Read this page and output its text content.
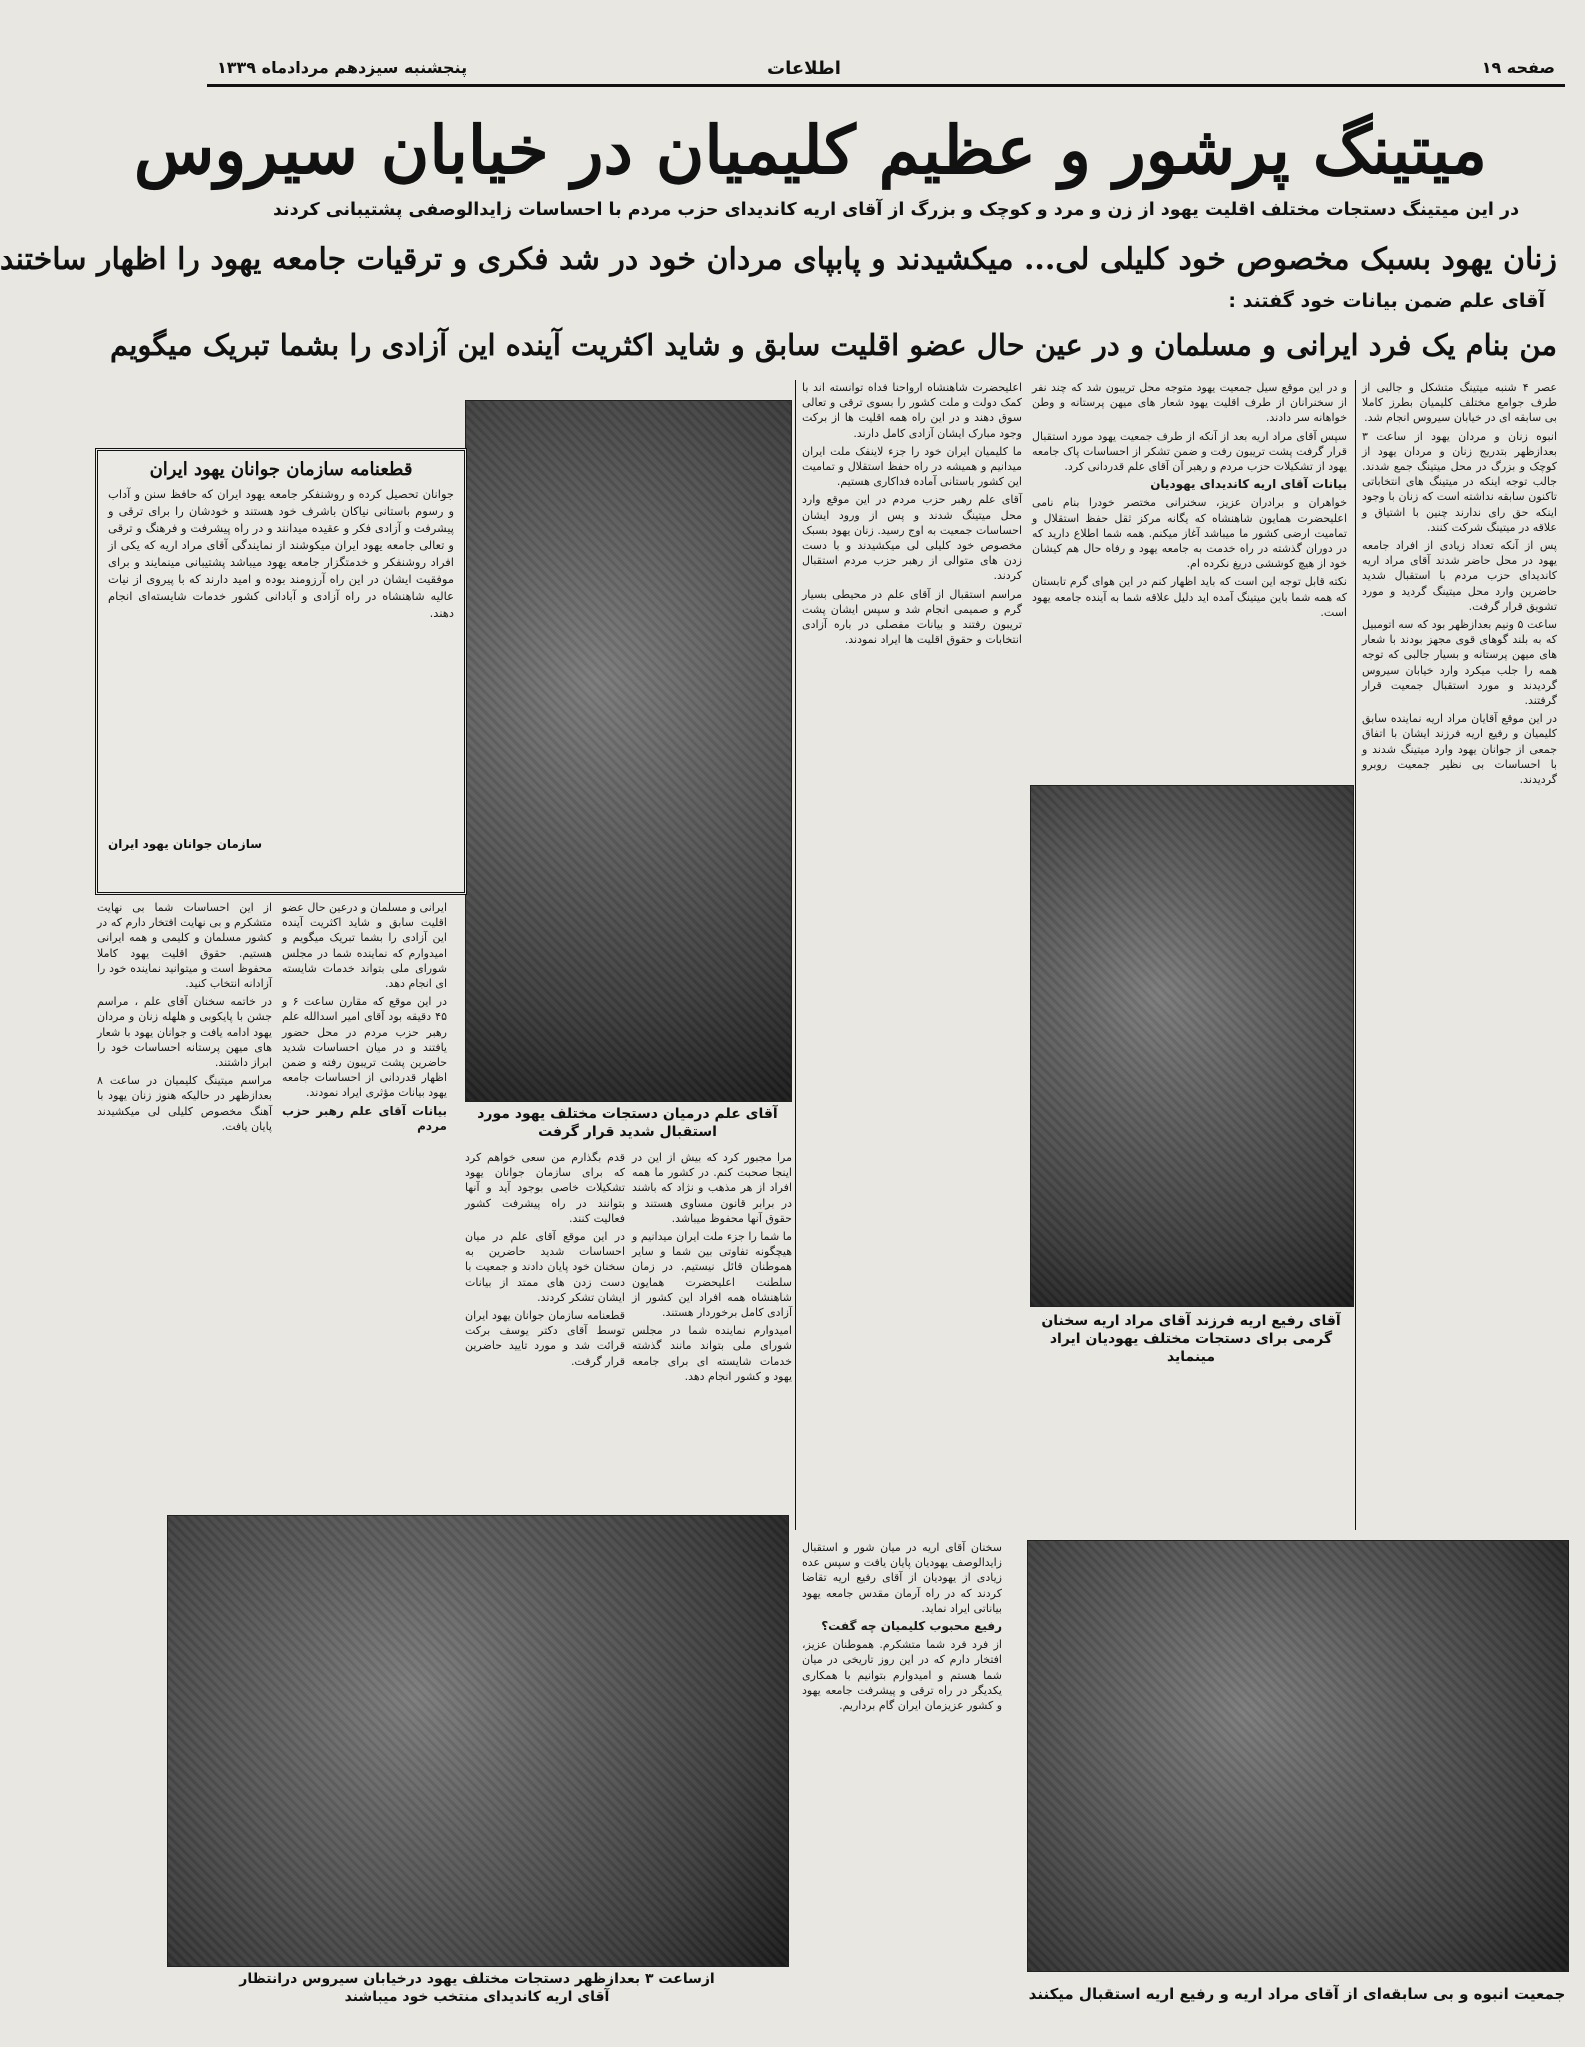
صفحه ۱۹
اطلاعات
پنجشنبه سیزدهم مردادماه ۱۳۳۹
میتینگ پرشور و عظیم کلیمیان در خیابان سیروس
در این میتینگ دستجات مختلف اقلیت یهود از زن و مرد و کوچک و بزرگ از آقای اریه کاندیدای حزب مردم با احساسات زایدالوصفی پشتیبانی کردند
زنان یهود بسبک مخصوص خود کلیلی لی... میکشیدند و پابپای مردان خود در شد فکری و ترقیات جامعه یهود را اظهار ساختند
آقای علم ضمن بیانات خود گفتند :
من بنام یک فرد ایرانی و مسلمان و در عین حال عضو اقلیت سابق و شاید اکثریت آینده این آزادی را بشما تبریک میگویم

عصر ۴ شنبه میتینگ متشکل و جالبی از طرف جوامع مختلف کلیمیان بطرز کاملا بی سابقه ای در خیابان سیروس انجام شد.

انبوه زنان و مردان یهود از ساعت ۳ بعدازظهر بتدریج زنان و مردان یهود از کوچک و بزرگ در محل میتینگ جمع شدند. جالب توجه اینکه در میتینگ های انتخاباتی تاکنون سابقه نداشته است که زنان با وجود اینکه حق رای ندارند چنین با اشتیاق و علاقه در میتینگ شرکت کنند.

پس از آنکه تعداد زیادی از افراد جامعه یهود در محل حاضر شدند آقای مراد اریه کاندیدای حزب مردم با استقبال شدید حاضرین وارد محل میتینگ گردید و مورد تشویق قرار گرفت.

ساعت ۵ ونیم بعدازظهر بود که سه اتومبیل که به بلند گوهای قوی مجهز بودند با شعار های میهن پرستانه و بسیار جالبی که توجه همه را جلب میکرد وارد خیابان سیروس گردیدند و مورد استقبال جمعیت قرار گرفتند.

در این موقع آقایان مراد اریه نماینده سابق کلیمیان و رفیع اریه فرزند ایشان با اتفاق جمعی از جوانان یهود وارد میتینگ شدند و با احساسات بی نظیر جمعیت روبرو گردیدند.

و در این موقع سیل جمعیت یهود متوجه محل تریبون شد که چند نفر از سخنرانان از طرف اقلیت یهود شعار های میهن پرستانه و وطن خواهانه سر دادند.

سپس آقای مراد اریه بعد از آنکه از طرف جمعیت یهود مورد استقبال قرار گرفت پشت تریبون رفت و ضمن تشکر از احساسات پاک جامعه یهود از تشکیلات حزب مردم و رهبر آن آقای علم قدردانی کرد.

بیانات آقای اریه کاندیدای یهودیان

خواهران و برادران عزیز، سخنرانی مختصر خودرا بنام نامی اعلیحضرت همایون شاهنشاه که یگانه مرکز ثقل حفظ استقلال و تمامیت ارضی کشور ما میباشد آغاز میکنم. همه شما اطلاع دارید که در دوران گذشته در راه خدمت به جامعه یهود و رفاه حال هم کیشان خود از هیچ کوششی دریغ نکرده ام.

نکته قابل توجه این است که باید اظهار کنم در این هوای گرم تابستان که همه شما باین میتینگ آمده اید دلیل علاقه شما به آینده جامعه یهود است.

اعلیحضرت شاهنشاه ارواحنا فداه توانسته اند با کمک دولت و ملت کشور را بسوی ترقی و تعالی سوق دهند و در این راه همه اقلیت ها از برکت وجود مبارک ایشان آزادی کامل دارند.

ما کلیمیان ایران خود را جزء لاینفک ملت ایران میدانیم و همیشه در راه حفظ استقلال و تمامیت این کشور باستانی آماده فداکاری هستیم.

آقای علم رهبر حزب مردم در این موقع وارد محل میتینگ شدند و پس از ورود ایشان احساسات جمعیت به اوج رسید. زنان یهود بسبک مخصوص خود کلیلی لی میکشیدند و با دست زدن های متوالی از رهبر حزب مردم استقبال کردند.

مراسم استقبال از آقای علم در محیطی بسیار گرم و صمیمی انجام شد و سپس ایشان پشت تریبون رفتند و بیانات مفصلی در باره آزادی انتخابات و حقوق اقلیت ها ایراد نمودند.

آقای علم درمیان دستجات مختلف یهود مورد استقبال شدید قرار گرفت
آقای رفیع اریه فرزند آقای مراد اریه سخنان گرمی برای دستجات مختلف یهودیان ایراد مینماید
قطعنامه سازمان جوانان یهود ایران
جوانان تحصیل کرده و روشنفکر جامعه یهود ایران که حافظ سنن و آداب و رسوم باستانی نیاکان باشرف خود هستند و خودشان را برای ترقی و پیشرفت و آزادی فکر و عقیده میدانند و در راه پیشرفت و فرهنگ و ترقی و تعالی جامعه یهود ایران میکوشند از نمایندگی آقای مراد اریه که یکی از افراد روشنفکر و خدمتگزار جامعه یهود میباشد پشتیبانی مینمایند و برای موفقیت ایشان در این راه آرزومند بوده و امید دارند که با پیروی از نیات عالیه شاهنشاه در راه آزادی و آبادانی کشور خدمات شایسته‌ای انجام دهند.
سازمان جوانان یهود ایران

ایرانی و مسلمان و درعین حال عضو اقلیت سابق و شاید اکثریت آینده این آزادی را بشما تبریک میگویم و امیدوارم که نماینده شما در مجلس شورای ملی بتواند خدمات شایسته ای انجام دهد.

در این موقع که مقارن ساعت ۶ و ۴۵ دقیقه بود آقای امیر اسدالله علم رهبر حزب مردم در محل حضور یافتند و در میان احساسات شدید حاضرین پشت تریبون رفته و ضمن اظهار قدردانی از احساسات جامعه یهود بیانات مؤثری ایراد نمودند.

بیانات آقای علم رهبر حزب مردم

از این احساسات شما بی نهایت متشکرم و بی نهایت افتخار دارم که در کشور مسلمان و کلیمی و همه ایرانی هستیم. حقوق اقلیت یهود کاملا محفوظ است و میتوانید نماینده خود را آزادانه انتخاب کنید.

در خاتمه سخنان آقای علم ، مراسم جشن با پایکوبی و هلهله زنان و مردان یهود ادامه یافت و جوانان یهود با شعار های میهن پرستانه احساسات خود را ابراز داشتند.

مراسم میتینگ کلیمیان در ساعت ۸ بعدازظهر در حالیکه هنوز زنان یهود با آهنگ مخصوص کلیلی لی میکشیدند پایان یافت.

مرا مجبور کرد که بیش از این در اینجا صحبت کنم. در کشور ما همه افراد از هر مذهب و نژاد که باشند در برابر قانون مساوی هستند و حقوق آنها محفوظ میباشد.

ما شما را جزء ملت ایران میدانیم و هیچگونه تفاوتی بین شما و سایر هموطنان قائل نیستیم. در زمان سلطنت اعلیحضرت همایون شاهنشاه همه افراد این کشور از آزادی کامل برخوردار هستند.

امیدوارم نماینده شما در مجلس شورای ملی بتواند مانند گذشته خدمات شایسته ای برای جامعه یهود و کشور انجام دهد.

قدم بگذارم من سعی خواهم کرد که برای سازمان جوانان یهود تشکیلات خاصی بوجود آید و آنها بتوانند در راه پیشرفت کشور فعالیت کنند.

در این موقع آقای علم در میان احساسات شدید حاضرین به سخنان خود پایان دادند و جمعیت با دست زدن های ممتد از بیانات ایشان تشکر کردند.

قطعنامه سازمان جوانان یهود ایران توسط آقای دکتر یوسف برکت قرائت شد و مورد تایید حاضرین قرار گرفت.

سخنان آقای اریه در میان شور و استقبال زایدالوصف یهودیان پایان یافت و سپس عده زیادی از یهودیان از آقای رفیع اریه تقاضا کردند که در راه آرمان مقدس جامعه یهود بیاناتی ایراد نماید.

رفیع محبوب کلیمیان چه گفت؟

از فرد فرد شما متشکرم. هموطنان عزیز، افتخار دارم که در این روز تاریخی در میان شما هستم و امیدوارم بتوانیم با همکاری یکدیگر در راه ترقی و پیشرفت جامعه یهود و کشور عزیزمان ایران گام برداریم.

ازساعت ۳ بعدازظهر دستجات مختلف یهود درخیابان سیروس درانتظار آقای اریه کاندیدای منتخب خود میباشند	جمعیت انبوه و بی سابقه‌ای از آقای مراد اریه و رفیع اریه استقبال میکنند
